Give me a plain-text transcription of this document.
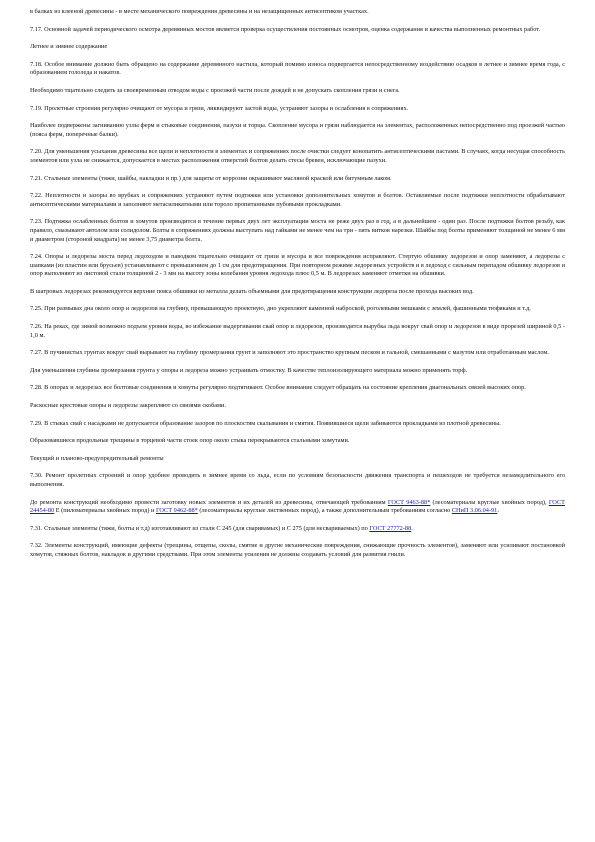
в балках из клееной древесины - в месте механического повреждения древесины и на незащищенных антисептиком участках.

7.17. Основной задачей периодического осмотра деревянных мостов является проверка осуществления постоянных осмотров, оценка содержания и качества выполненных ремонтных работ.

Летнее и зимнее содержание

7.18. Особое внимание должно быть обращено на содержание деревянного настила, который помимо износа подвергается непосредственному воздействию осадков в летнее и зимнее время года, с образованием гололеда и накатов.

Необходимо тщательно следить за своевременным отводом воды с проезжей части после дождей и не допускать скопления грязи и снега.

7.19. Пролетные строения регулярно очищают от мусора и грязи, ликвидируют застой воды, устраняют зазоры и ослабления в сопряжениях.

Наиболее подвержены загниванию узлы ферм и стыковые соединения, пазухи и торцы. Скопление мусора и грязи наблюдается на элементах, расположенных непосредственно под проезжей частью (пояса ферм, поперечные балки).

7.20. Для уменьшения усыхания древесины все щели и неплотности в элементах и сопряжениях после очистки следует конопатить антисептическими пастами. В случаях, когда несущая способность элементов или узла не снижается, допускается в местах расположения отверстий болтов делать стесы бревен, исключающие пазухи.

7.21. Стальные элементы (тяжи, шайбы, накладки и пр.) для защиты от коррозии окрашивают масляной краской или битумным лаком.

7.22. Неплотности и зазоры во врубках и сопряжениях устраняют путем подтяжки или установки дополнительных хомутов и болтов. Оставляемые после подтяжки неплотности обрабатывают антисептическими материалами и заполняют метасиликатными или тороло пропитанными пубовыми прокладками.

7.23. Подтяжка ослабленных болтов и хомутов производится в течение первых двух лет эксплуатации моста не реже двух раз в год, а в дальнейшем - один раз. После подтяжки болтов резьбу, как правило, смазывают автолом или солидолом. Болты в сопряжениях должны выступать над гайками не менее чем на три - пять витков нарезки. Шайбы под болты применяют толщиной не менее 6 мм и диаметром (стороной квадрата) не менее 3,75 диаметра болта.

7.24. Опоры и ледорезы моста перед ледоходом и паводком тщательно очищают от грязи и мусора и все повреждения исправляют. Стертую обшивку ледорезов и опор заменяют, а ледорезы с шапками (из пластин или брусьев) устанавливают с превышением до 1 см для предотвращения. При повторном режиме ледорезных устройств и в ледоход с сильным перепадом обшивку ледорезов и опор выполняют из листовой стали толщиной 2 - 3 мм на высоту зоны колебания уровня ледохода плюс 0,5 м. В ледорезах заменяют отметки на обшивки.

В шатровых ледорезах рекомендуется верхние пояса обшивки из металла делать объемными для предотвращения конструкции ледореза после прохода высоких вод.

7.25. При размывах дна около опор и ледорезов на глубину, превышающую проектную, дно укрепляют каменной наброской, роголевыми мешками с землей, фашинными тюфяками и т.д.

7.26. На реках, где зимой возможно подъем уровня воды, во избежание выдергивания свай опор и ледорезов, производится вырубка льда вокруг свай опор и ледорезов в виде прорезей шириной 0,5 - 1,0 м.

7.27. В пучинистых грунтах вокруг свай вырывают на глубину промерзания грунт и заполняют это пространство крупным песком и гальной, смешанными с мазутом или отработанным маслом.

Для уменьшения глубины промерзания грунта у опоры и ледореза можно устраивать отмостку. В качестве теплоизолирующего материала можно применять торф.

7.28. В опорах и ледорезах все болтовые соединения и хомуты регулярно подтягивают. Особое внимание следует обращать на состояние крепления диагональных связей высоких опор.

Раскосные крестовые опоры и ледорезы закрепляют со связями скобами.

7.29. В стыках свай с насадками не допускается образование зазоров по плоскостям скалывания и смятия. Появившиеся щели забиваются прокладками из плотной древесины.

Образовавшиеся продольные трещины в торцевой части стоек опор около стыка перекрываются стальными хомутами.

Текущий и планово-предупредительный ремонты

7.30. Ремонт пролетных строений и опор удобнее проводить в зимнее время со льда, если по условиям безопасности движения транспорта и пешеходов не требуется незамедлительного его выполнения.

До ремонта конструкций необходимо провести заготовку новых элементов и их деталей из древесины, отвечающей требованиям ГОСТ 9463-88* (лесоматериалы круглые хвойных пород), ГОСТ 24454-80 Е (пиломатериалы хвойных пород) и ГОСТ 9462-88* (лесоматериалы круглые лиственных пород), а также дополнительным требованиям согласно СНиП 3.06.04-91.

7.31. Стальные элементы (тяжи, болты и т.д) изготавливают из стали С 245 (для сваривамых) и С 275 (для несвариваемых) по ГОСТ 27772-88.

7.32. Элементы конструкций, имеющие дефекты (трещины, отщепы, сколы, смятие и другие механические повреждения, снижающие прочность элементов), заменяют или усиливают постановкой хомутов, стяжных болтов, накладок и другими средствами. При этом элементы усиления не должны создавать условий для развития гнили.
